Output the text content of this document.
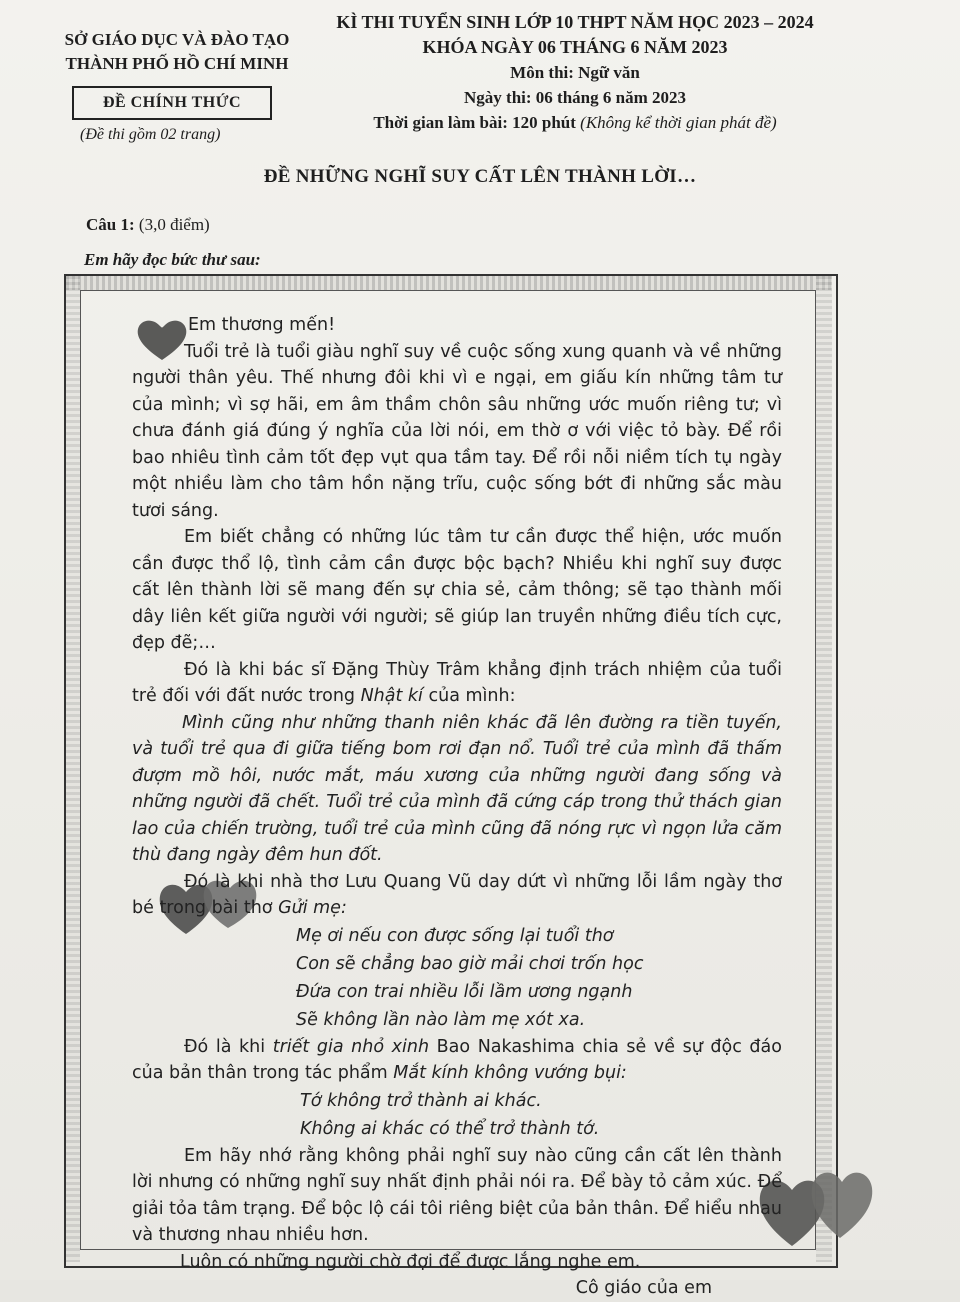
SỞ GIÁO DỤC VÀ ĐÀO TẠO
THÀNH PHỐ HỒ CHÍ MINH
ĐỀ CHÍNH THỨC
(Đề thi gồm 02 trang)
KÌ THI TUYỂN SINH LỚP 10 THPT NĂM HỌC 2023 – 2024
KHÓA NGÀY 06 THÁNG 6 NĂM 2023
Môn thi: Ngữ văn
Ngày thi: 06 tháng 6 năm 2023
Thời gian làm bài: 120 phút (Không kể thời gian phát đề)
ĐỀ NHỮNG NGHĨ SUY CẤT LÊN THÀNH LỜI…
Câu 1: (3,0 điểm)
Em hãy đọc bức thư sau:

Em thương mến!

Tuổi trẻ là tuổi giàu nghĩ suy về cuộc sống xung quanh và về những người thân yêu. Thế nhưng đôi khi vì e ngại, em giấu kín những tâm tư của mình; vì sợ hãi, em âm thầm chôn sâu những ước muốn riêng tư; vì chưa đánh giá đúng ý nghĩa của lời nói, em thờ ơ với việc tỏ bày. Để rồi bao nhiêu tình cảm tốt đẹp vụt qua tầm tay. Để rồi nỗi niềm tích tụ ngày một nhiều làm cho tâm hồn nặng trĩu, cuộc sống bớt đi những sắc màu tươi sáng.

Em biết chẳng có những lúc tâm tư cần được thể hiện, ước muốn cần được thổ lộ, tình cảm cần được bộc bạch? Nhiều khi nghĩ suy được cất lên thành lời sẽ mang đến sự chia sẻ, cảm thông; sẽ tạo thành mối dây liên kết giữa người với người; sẽ giúp lan truyền những điều tích cực, đẹp đẽ;…

Đó là khi bác sĩ Đặng Thùy Trâm khẳng định trách nhiệm của tuổi trẻ đối với đất nước trong Nhật kí của mình:

Mình cũng như những thanh niên khác đã lên đường ra tiền tuyến, và tuổi trẻ qua đi giữa tiếng bom rơi đạn nổ. Tuổi trẻ của mình đã thấm đượm mồ hôi, nước mắt, máu xương của những người đang sống và những người đã chết. Tuổi trẻ của mình đã cứng cáp trong thử thách gian lao của chiến trường, tuổi trẻ của mình cũng đã nóng rực vì ngọn lửa căm thù đang ngày đêm hun đốt.

Đó là khi nhà thơ Lưu Quang Vũ day dứt vì những lỗi lầm ngày thơ bé trong bài thơ Gửi mẹ:

Mẹ ơi nếu con được sống lại tuổi thơ

Con sẽ chẳng bao giờ mải chơi trốn học

Đứa con trai nhiều lỗi lầm ương ngạnh

Sẽ không lần nào làm mẹ xót xa.

Đó là khi triết gia nhỏ xinh Bao Nakashima chia sẻ về sự độc đáo của bản thân trong tác phẩm Mắt kính không vướng bụi:

Tớ không trở thành ai khác.

Không ai khác có thể trở thành tớ.

Em hãy nhớ rằng không phải nghĩ suy nào cũng cần cất lên thành lời nhưng có những nghĩ suy nhất định phải nói ra. Để bày tỏ cảm xúc. Để giải tỏa tâm trạng. Để bộc lộ cái tôi riêng biệt của bản thân. Để hiểu nhau và thương nhau nhiều hơn.

Luôn có những người chờ đợi để được lắng nghe em.

Cô giáo của em
